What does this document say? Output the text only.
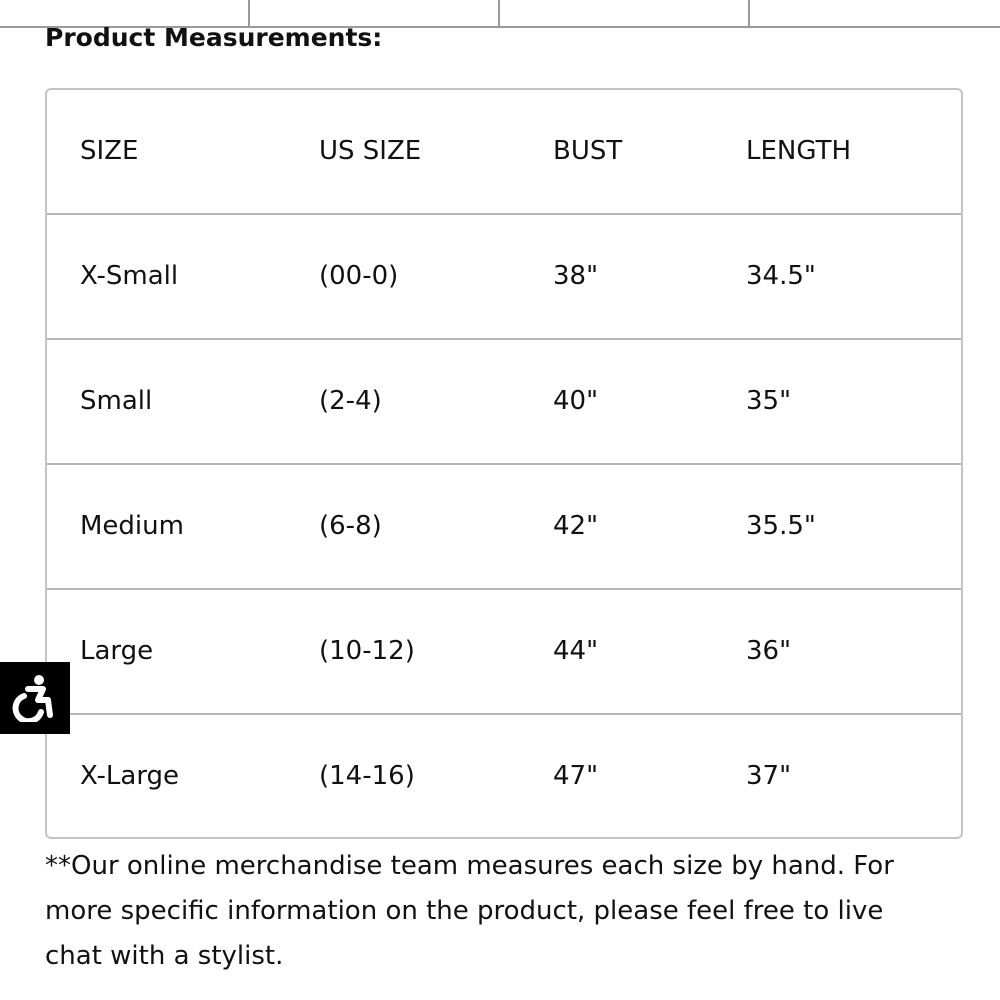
Product Measurements:
SIZE	US SIZE	BUST	LENGTH
X-Small	(00-0)	38"	34.5"
Small	(2-4)	40"	35"
Medium	(6-8)	42"	35.5"
Large	(10-12)	44"	36"
X-Large	(14-16)	47"	37"
**Our online merchandise team measures each size by hand. For more specific information on the product, please feel free to live chat with a stylist.
